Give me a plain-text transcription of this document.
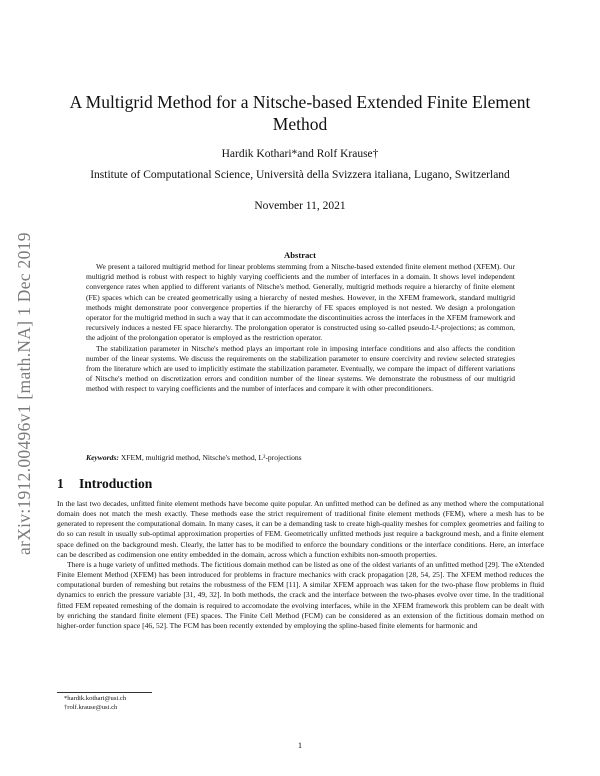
arXiv:1912.00496v1 [math.NA] 1 Dec 2019
A Multigrid Method for a Nitsche-based Extended Finite Element Method
Hardik Kothari*and Rolf Krause†
Institute of Computational Science, Università della Svizzera italiana, Lugano, Switzerland
November 11, 2021
Abstract

We present a tailored multigrid method for linear problems stemming from a Nitsche-based extended finite element method (XFEM). Our multigrid method is robust with respect to highly varying coefficients and the number of interfaces in a domain. It shows level independent convergence rates when applied to different variants of Nitsche's method. Generally, multigrid methods require a hierarchy of finite element (FE) spaces which can be created geometrically using a hierarchy of nested meshes. However, in the XFEM framework, standard multigrid methods might demonstrate poor convergence properties if the hierarchy of FE spaces employed is not nested. We design a prolongation operator for the multigrid method in such a way that it can accommodate the discontinuities across the interfaces in the XFEM framework and recursively induces a nested FE space hierarchy. The prolongation operator is constructed using so-called pseudo-L²-projections; as common, the adjoint of the prolongation operator is employed as the restriction operator.

The stabilization parameter in Nitsche's method plays an important role in imposing interface conditions and also affects the condition number of the linear systems. We discuss the requirements on the stabilization parameter to ensure coercivity and review selected strategies from the literature which are used to implicitly estimate the stabilization parameter. Eventually, we compare the impact of different variations of Nitsche's method on discretization errors and condition number of the linear systems. We demonstrate the robustness of our multigrid method with respect to varying coefficients and the number of interfaces and compare it with other preconditioners.

Keywords: XFEM, multigrid method, Nitsche's method, L²-projections
1 Introduction

In the last two decades, unfitted finite element methods have become quite popular. An unfitted method can be defined as any method where the computational domain does not match the mesh exactly. These methods ease the strict requirement of traditional finite element methods (FEM), where a mesh has to be generated to represent the computational domain. In many cases, it can be a demanding task to create high-quality meshes for complex geometries and failing to do so can result in usually sub-optimal approximation properties of FEM. Geometrically unfitted methods just require a background mesh, and a finite element space defined on the background mesh. Clearly, the latter has to be modified to enforce the boundary conditions or the interface conditions. Here, an interface can be described as codimension one entity embedded in the domain, across which a function exhibits non-smooth properties.

There is a huge variety of unfitted methods. The fictitious domain method can be listed as one of the oldest variants of an unfitted method [29]. The eXtended Finite Element Method (XFEM) has been introduced for problems in fracture mechanics with crack propagation [28, 54, 25]. The XFEM method reduces the computational burden of remeshing but retains the robustness of the FEM [11]. A similar XFEM approach was taken for the two-phase flow problems in fluid dynamics to enrich the pressure variable [31, 49, 32]. In both methods, the crack and the interface between the two-phases evolve over time. In the traditional fitted FEM repeated remeshing of the domain is required to accomodate the evolving interfaces, while in the XFEM framework this problem can be dealt with by enriching the standard finite element (FE) spaces. The Finite Cell Method (FCM) can be considered as an extension of the fictitious domain method on higher-order function space [46, 52]. The FCM has been recently extended by employing the spline-based finite elements for harmonic and

*hardik.kothari@usi.ch
†rolf.krause@usi.ch
1
